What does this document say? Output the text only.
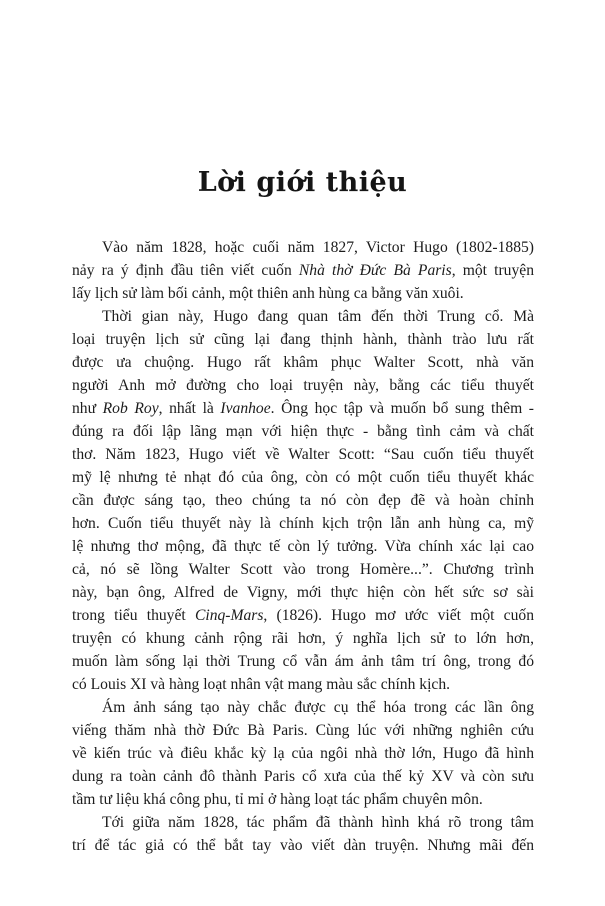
Lời giới thiệu
Vào năm 1828, hoặc cuối năm 1827, Victor Hugo (1802-1885)
nảy ra ý định đầu tiên viết cuốn Nhà thờ Đức Bà Paris, một truyện
lấy lịch sử làm bối cảnh, một thiên anh hùng ca bằng văn xuôi.
Thời gian này, Hugo đang quan tâm đến thời Trung cổ. Mà
loại truyện lịch sử cũng lại đang thịnh hành, thành trào lưu rất
được ưa chuộng. Hugo rất khâm phục Walter Scott, nhà văn
người Anh mở đường cho loại truyện này, bằng các tiểu thuyết
như Rob Roy, nhất là Ivanhoe. Ông học tập và muốn bổ sung thêm -
đúng ra đối lập lãng mạn với hiện thực - bằng tình cảm và chất
thơ. Năm 1823, Hugo viết về Walter Scott: “Sau cuốn tiểu thuyết
mỹ lệ nhưng tẻ nhạt đó của ông, còn có một cuốn tiểu thuyết khác
cần được sáng tạo, theo chúng ta nó còn đẹp đẽ và hoàn chỉnh
hơn. Cuốn tiểu thuyết này là chính kịch trộn lẫn anh hùng ca, mỹ
lệ nhưng thơ mộng, đã thực tế còn lý tưởng. Vừa chính xác lại cao
cả, nó sẽ lồng Walter Scott vào trong Homère...”. Chương trình
này, bạn ông, Alfred de Vigny, mới thực hiện còn hết sức sơ sài
trong tiểu thuyết Cinq-Mars, (1826). Hugo mơ ước viết một cuốn
truyện có khung cảnh rộng rãi hơn, ý nghĩa lịch sử to lớn hơn,
muốn làm sống lại thời Trung cổ vẫn ám ảnh tâm trí ông, trong đó
có Louis XI và hàng loạt nhân vật mang màu sắc chính kịch.
Ám ảnh sáng tạo này chắc được cụ thể hóa trong các lần ông
viếng thăm nhà thờ Đức Bà Paris. Cùng lúc với những nghiên cứu
về kiến trúc và điêu khắc kỳ lạ của ngôi nhà thờ lớn, Hugo đã hình
dung ra toàn cảnh đô thành Paris cổ xưa của thế kỷ XV và còn sưu
tầm tư liệu khá công phu, tỉ mỉ ở hàng loạt tác phẩm chuyên môn.
Tới giữa năm 1828, tác phẩm đã thành hình khá rõ trong tâm
trí để tác giả có thể bắt tay vào viết dàn truyện. Nhưng mãi đến
